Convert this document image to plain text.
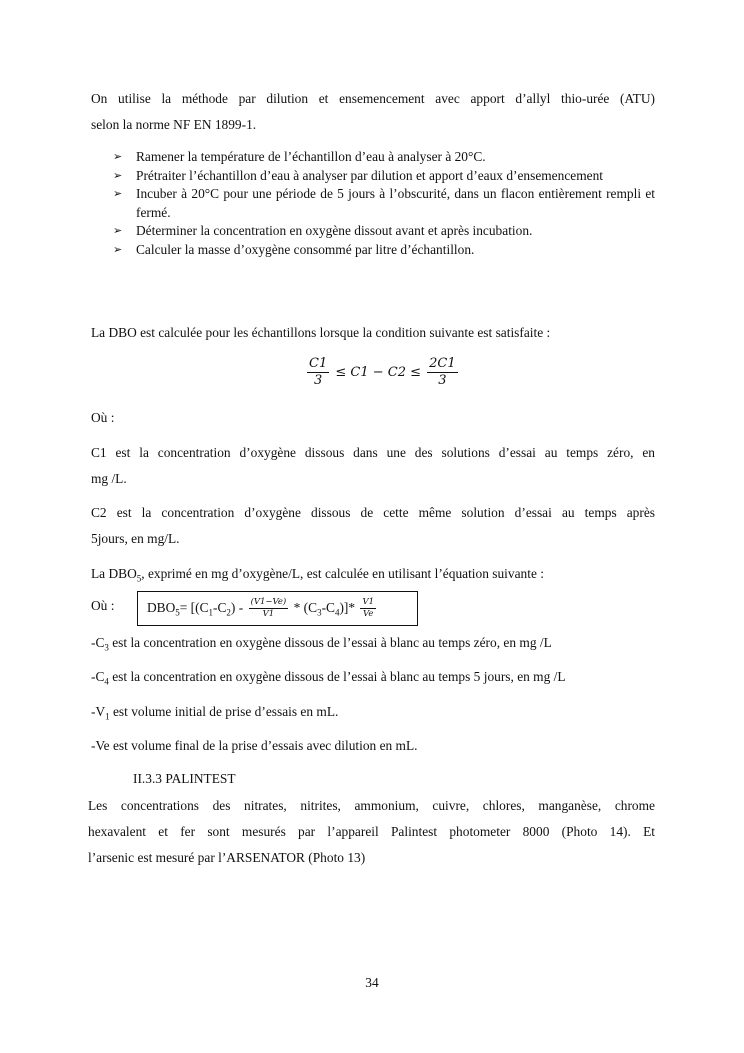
On utilise la méthode par dilution et ensemencement avec apport d’allyl thio-urée (ATU)
selon la norme NF EN 1899-1.
➢ Ramener la température de l’échantillon d’eau à analyser à 20°C.
➢ Prétraiter l’échantillon d’eau à analyser par dilution et apport d’eaux d’ensemencement
➢ Incuber à 20°C pour une période de 5 jours à l’obscurité, dans un flacon entièrement rempli et fermé.
➢ Déterminer la concentration en oxygène dissout avant et après incubation.
➢ Calculer la masse d’oxygène consommé par litre d’échantillon.
La DBO est calculée pour les échantillons lorsque la condition suivante est satisfaite :
$\frac{C1}{3} \le C1 - C2 \le \frac{2C1}{3}$
Où :
C1 est la concentration d’oxygène dissous dans une des solutions d’essai au temps zéro, en
mg /L.
C2 est la concentration d’oxygène dissous de cette même solution d’essai au temps après
5jours, en mg/L.
La $DBO_5$, exprimé en mg d’oxygène/L, est calculée en utilisant l’équation suivante :
Où : $DBO_5= [(C_1-C_2) - \frac{(V1-Ve)}{V1} * (C_3-C_4)]* \frac{V1}{Ve}$
$-C_3$ est la concentration en oxygène dissous de l’essai à blanc au temps zéro, en mg /L
$-C_4$ est la concentration en oxygène dissous de l’essai à blanc au temps 5 jours, en mg /L
$-V_1$ est volume initial de prise d’essais en mL.
-Ve est volume final de la prise d’essais avec dilution en mL.
II.3.3 PALINTEST
Les concentrations des nitrates, nitrites, ammonium, cuivre, chlores, manganèse, chrome
hexavalent et fer sont mesurés par l’appareil Palintest photometer 8000 (Photo 14). Et
l’arsenic est mesuré par l’ARSENATOR (Photo 13)
34
